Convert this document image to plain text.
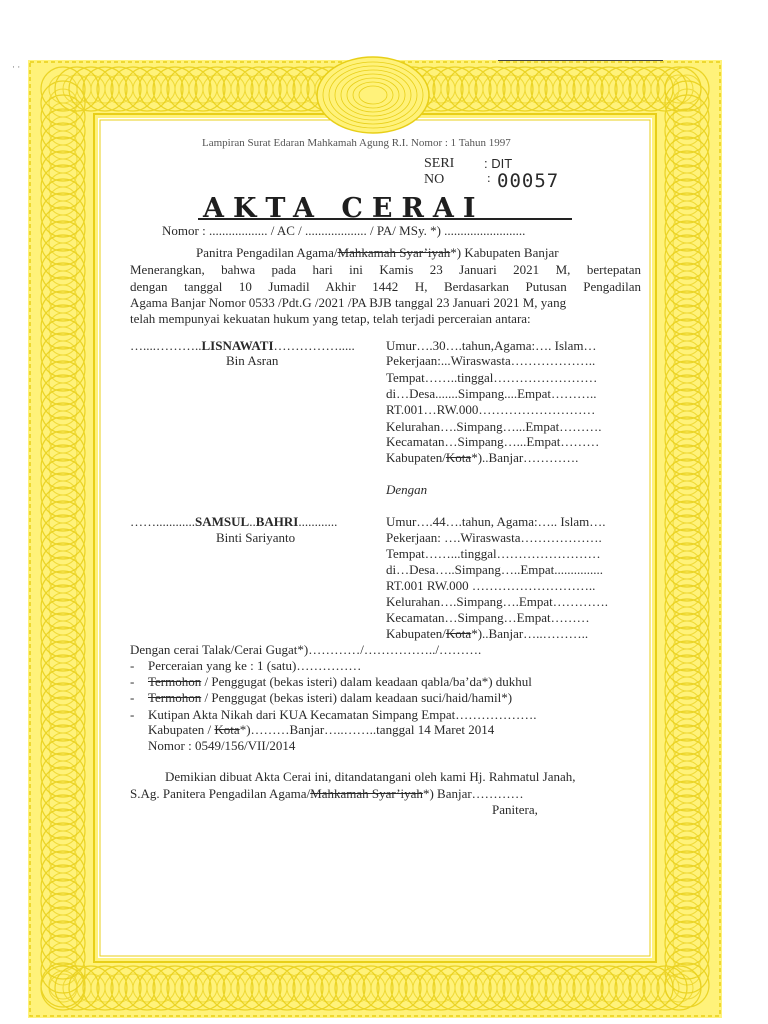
· ·
Lampiran Surat Edaran Mahkamah Agung R.I. Nomor : 1 Tahun 1997
SERI : DIT
NO	: 00057
AKTA CERAI
Nomor : .................. / AC / ................... / PA/ MSy. *) .........................
Panitra Pengadilan Agama/Mahkamah Syar’iyah*) Kabupaten Banjar
Menerangkan, bahwa pada hari ini Kamis 23 Januari 2021 M, bertepatan
dengan tanggal 10 Jumadil Akhir 1442 H, Berdasarkan Putusan Pengadilan
Agama Banjar Nomor 0533 /Pdt.G /2021 /PA BJB tanggal 23 Januari 2021 M, yang
telah mempunyai kekuatan hukum yang tetap, telah terjadi perceraian antara:
…....………..LISNAWATI…………….....
Bin Asran
Umur….30….tahun,Agama:…. Islam…
Pekerjaan:...Wiraswasta………………..
Tempat……..tinggal……………………
di…Desa.......Simpang....Empat………..
RT.001…RW.000………………………
Kelurahan….Simpang…...Empat……….
Kecamatan…Simpang…...Empat………
Kabupaten/Kota*)..Banjar………….
Dengan
……............SAMSUL..BAHRI............
Binti Sariyanto
Umur….44….tahun, Agama:….. Islam….
Pekerjaan: ….Wiraswasta……………….
Tempat……...tinggal……………………
di…Desa…..Simpang…..Empat...............
RT.001 RW.000 ………………………..
Kelurahan….Simpang….Empat………….
Kecamatan…Simpang…Empat………
Kabupaten/Kota*)..Banjar…..………..
Dengan cerai Talak/Cerai Gugat*)…………/……………../……….
- Perceraian yang ke : 1 (satu)……………
- Termohon / Penggugat (bekas isteri) dalam keadaan qabla/ba’da*) dukhul
- Termohon / Penggugat (bekas isteri) dalam keadaan suci/haid/hamil*)
- Kutipan Akta Nikah dari KUA Kecamatan Simpang Empat……………….
Kabupaten / Kota*)………Banjar…..……..tanggal 14 Maret 2014
Nomor : 0549/156/VII/2014
Demikian dibuat Akta Cerai ini, ditandatangani oleh kami Hj. Rahmatul Janah,
S.Ag. Panitera Pengadilan Agama/Mahkamah Syar’iyah*) Banjar…………
Panitera,
